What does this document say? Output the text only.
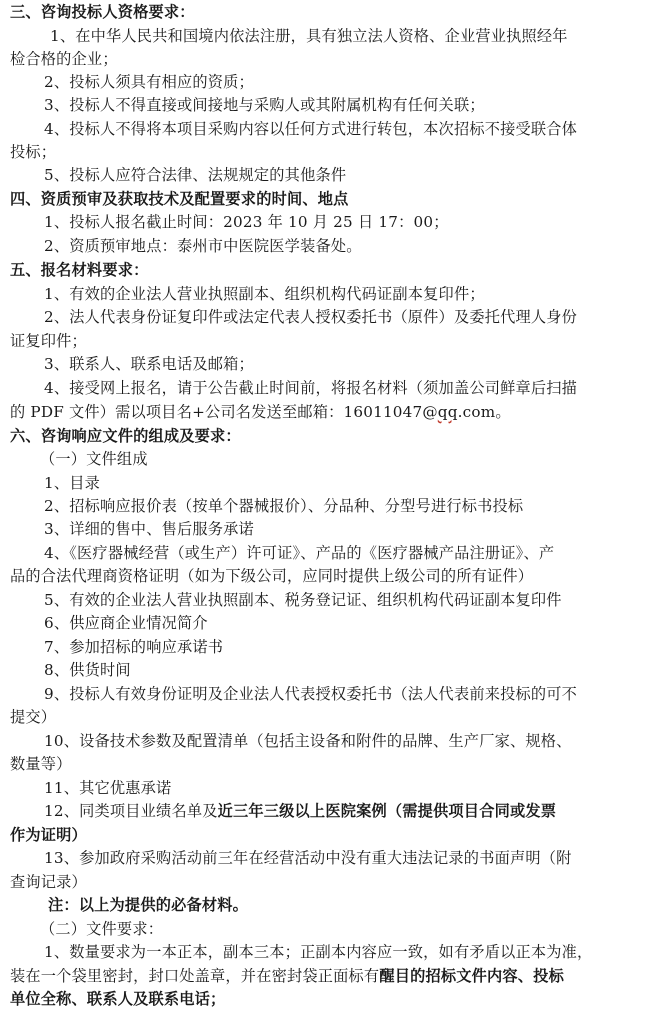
三、咨询投标人资格要求：
1、在中华人民共和国境内依法注册，具有独立法人资格、企业营业执照经年
检合格的企业；
2、投标人须具有相应的资质；
3、投标人不得直接或间接地与采购人或其附属机构有任何关联；
4、投标人不得将本项目采购内容以任何方式进行转包，本次招标不接受联合体
投标；
5、投标人应符合法律、法规规定的其他条件
四、资质预审及获取技术及配置要求的时间、地点
1、投标人报名截止时间：2023 年 10 月 25 日 17：00；
2、资质预审地点：泰州市中医院医学装备处。
五、报名材料要求：
1、有效的企业法人营业执照副本、组织机构代码证副本复印件；
2、法人代表身份证复印件或法定代表人授权委托书（原件）及委托代理人身份
证复印件；
3、联系人、联系电话及邮箱；
4、接受网上报名，请于公告截止时间前，将报名材料（须加盖公司鲜章后扫描
的 PDF 文件）需以项目名+公司名发送至邮箱：16011047@qq.com。
六、咨询响应文件的组成及要求：
（一）文件组成
1、目录
2、招标响应报价表（按单个器械报价）、分品种、分型号进行标书投标
3、详细的售中、售后服务承诺
4、《医疗器械经营（或生产）许可证》、产品的《医疗器械产品注册证》、产
品的合法代理商资格证明（如为下级公司，应同时提供上级公司的所有证件）
5、有效的企业法人营业执照副本、税务登记证、组织机构代码证副本复印件
6、供应商企业情况简介
7、参加招标的响应承诺书
8、供货时间
9、投标人有效身份证明及企业法人代表授权委托书（法人代表前来投标的可不
提交）
10、设备技术参数及配置清单（包括主设备和附件的品牌、生产厂家、规格、
数量等）
11、其它优惠承诺
12、同类项目业绩名单及近三年三级以上医院案例（需提供项目合同或发票
作为证明）
13、参加政府采购活动前三年在经营活动中没有重大违法记录的书面声明（附
查询记录）
注：以上为提供的必备材料。
（二）文件要求：
1、数量要求为一本正本，副本三本；正副本内容应一致，如有矛盾以正本为准，
装在一个袋里密封，封口处盖章，并在密封袋正面标有醒目的招标文件内容、投标
单位全称、联系人及联系电话；
